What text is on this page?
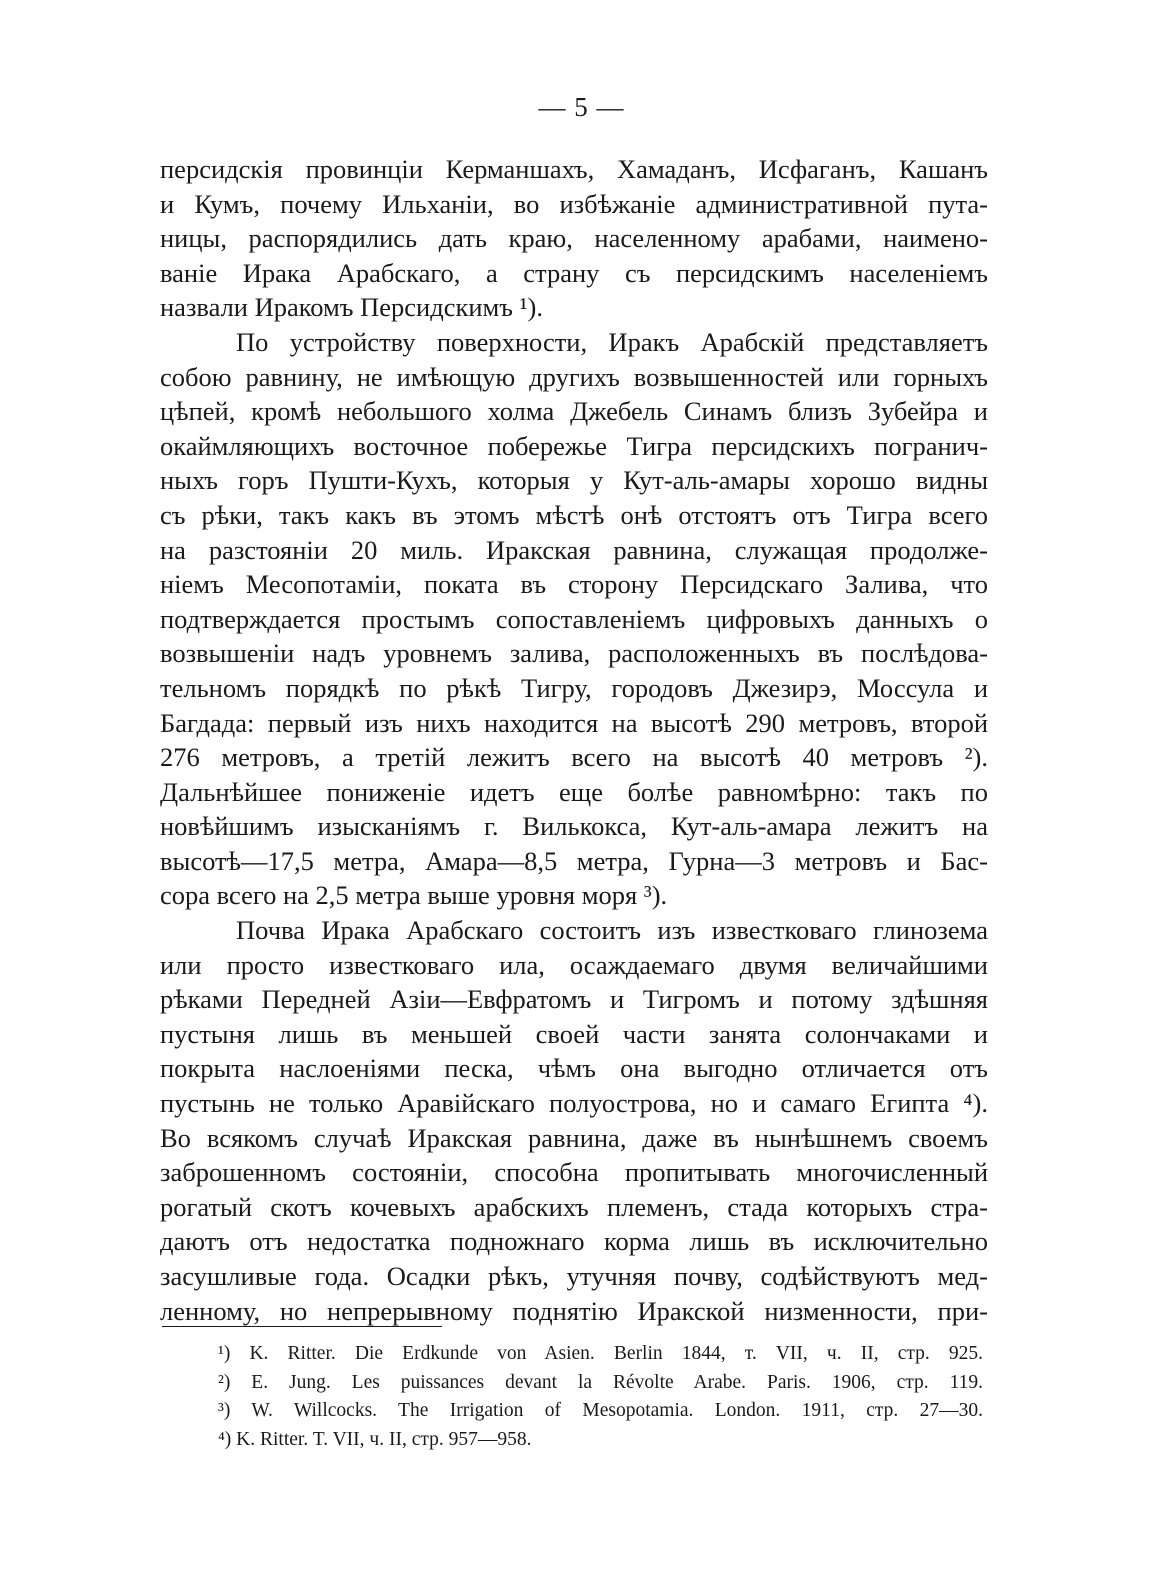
— 5 —
персидскія провинціи Керманшахъ, Хамаданъ, Исфаганъ, Кашанъ
и Кумъ, почему Ильханіи, во избѣжаніе административной пута-
ницы, распорядились дать краю, населенному арабами, наимено-
ваніе Ирака Арабскаго, а страну съ персидскимъ населеніемъ
назвали Иракомъ Персидскимъ ¹).
По устройству поверхности, Иракъ Арабскій представляетъ
собою равнину, не имѣющую другихъ возвышенностей или горныхъ
цѣпей, кромѣ небольшого холма Джебель Синамъ близъ Зубейра и
окаймляющихъ восточное побережье Тигра персидскихъ погранич-
ныхъ горъ Пушти-Кухъ, которыя у Кут-аль-амары хорошо видны
съ рѣки, такъ какъ въ этомъ мѣстѣ онѣ отстоятъ отъ Тигра всего
на разстояніи 20 миль. Иракская равнина, служащая продолже-
ніемъ Месопотаміи, поката въ сторону Персидскаго Залива, что
подтверждается простымъ сопоставленіемъ цифровыхъ данныхъ о
возвышеніи надъ уровнемъ залива, расположенныхъ въ послѣдова-
тельномъ порядкѣ по рѣкѣ Тигру, городовъ Джезирэ, Моссула и
Багдада: первый изъ нихъ находится на высотѣ 290 метровъ, второй
276 метровъ, а третій лежитъ всего на высотѣ 40 метровъ ²).
Дальнѣйшее пониженіе идетъ еще болѣе равномѣрно: такъ по
новѣйшимъ изысканіямъ г. Вилькокса, Кут-аль-амара лежитъ на
высотѣ—17,5 метра, Амара—8,5 метра, Гурна—3 метровъ и Бас-
сора всего на 2,5 метра выше уровня моря ³).
Почва Ирака Арабскаго состоитъ изъ известковаго глинозема
или просто известковаго ила, осаждаемаго двумя величайшими
рѣками Передней Азіи—Евфратомъ и Тигромъ и потому здѣшняя
пустыня лишь въ меньшей своей части занята солончаками и
покрыта наслоеніями песка, чѣмъ она выгодно отличается отъ
пустынь не только Аравійскаго полуострова, но и самаго Египта ⁴).
Во всякомъ случаѣ Иракская равнина, даже въ нынѣшнемъ своемъ
заброшенномъ состояніи, способна пропитывать многочисленный
рогатый скотъ кочевыхъ арабскихъ племенъ, стада которыхъ стра-
даютъ отъ недостатка подножнаго корма лишь въ исключительно
засушливые года. Осадки рѣкъ, утучняя почву, содѣйствуютъ мед-
ленному, но непрерывному поднятію Иракской низменности, при-
¹) K. Ritter. Die Erdkunde von Asien. Berlin 1844, т. VII, ч. II, стр. 925.
²) E. Jung. Les puissances devant la Révolte Arabe. Paris. 1906, стр. 119.
³) W. Willcocks. The Irrigation of Mesopotamia. London. 1911, стр. 27—30.
⁴) K. Ritter. T. VII, ч. II, стр. 957—958.
